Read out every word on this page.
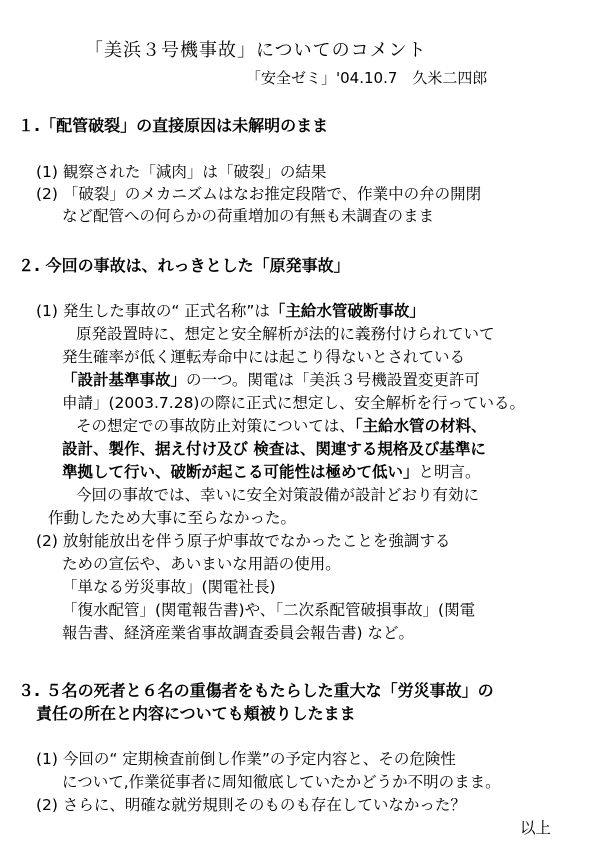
「美浜３号機事故」についてのコメント
「安全ゼミ」'04.10.7　久米二四郎
１.「配管破裂」の直接原因は未解明のまま
(1) 観察された「減肉」は「破裂」の結果
(2) 「破裂」のメカニズムはなお推定段階で、作業中の弁の開閉
など配管への何らかの荷重増加の有無も未調査のまま
２. 今回の事故は、れっきとした「原発事故」
(1) 発生した事故の“ 正式名称”は「主給水管破断事故」
原発設置時に、想定と安全解析が法的に義務付けられていて
発生確率が低く運転寿命中には起こり得ないとされている
「設計基準事故」の一つ。関電は「美浜３号機設置変更許可
申請」(2003.7.28)の際に正式に想定し、安全解析を行っている。
その想定での事故防止対策については、「主給水管の材料、
設計、製作、据え付け及び 検査は、関連する規格及び基準に
準拠して行い、破断が起こる可能性は極めて低い」と明言。
今回の事故では、幸いに安全対策設備が設計どおり有効に
作動したため大事に至らなかった。
(2) 放射能放出を伴う原子炉事故でなかったことを強調する
ための宣伝や、あいまいな用語の使用。
「単なる労災事故」(関電社長)
「復水配管」(関電報告書)や、「二次系配管破損事故」(関電
報告書、経済産業省事故調査委員会報告書) など。
３. ５名の死者と６名の重傷者をもたらした重大な「労災事故」の
責任の所在と内容についても頬被りしたまま
(1) 今回の“ 定期検査前倒し作業”の予定内容と、その危険性
について,作業従事者に周知徹底していたかどうか不明のまま。
(2) さらに、明確な就労規則そのものも存在していなかった？
以上
